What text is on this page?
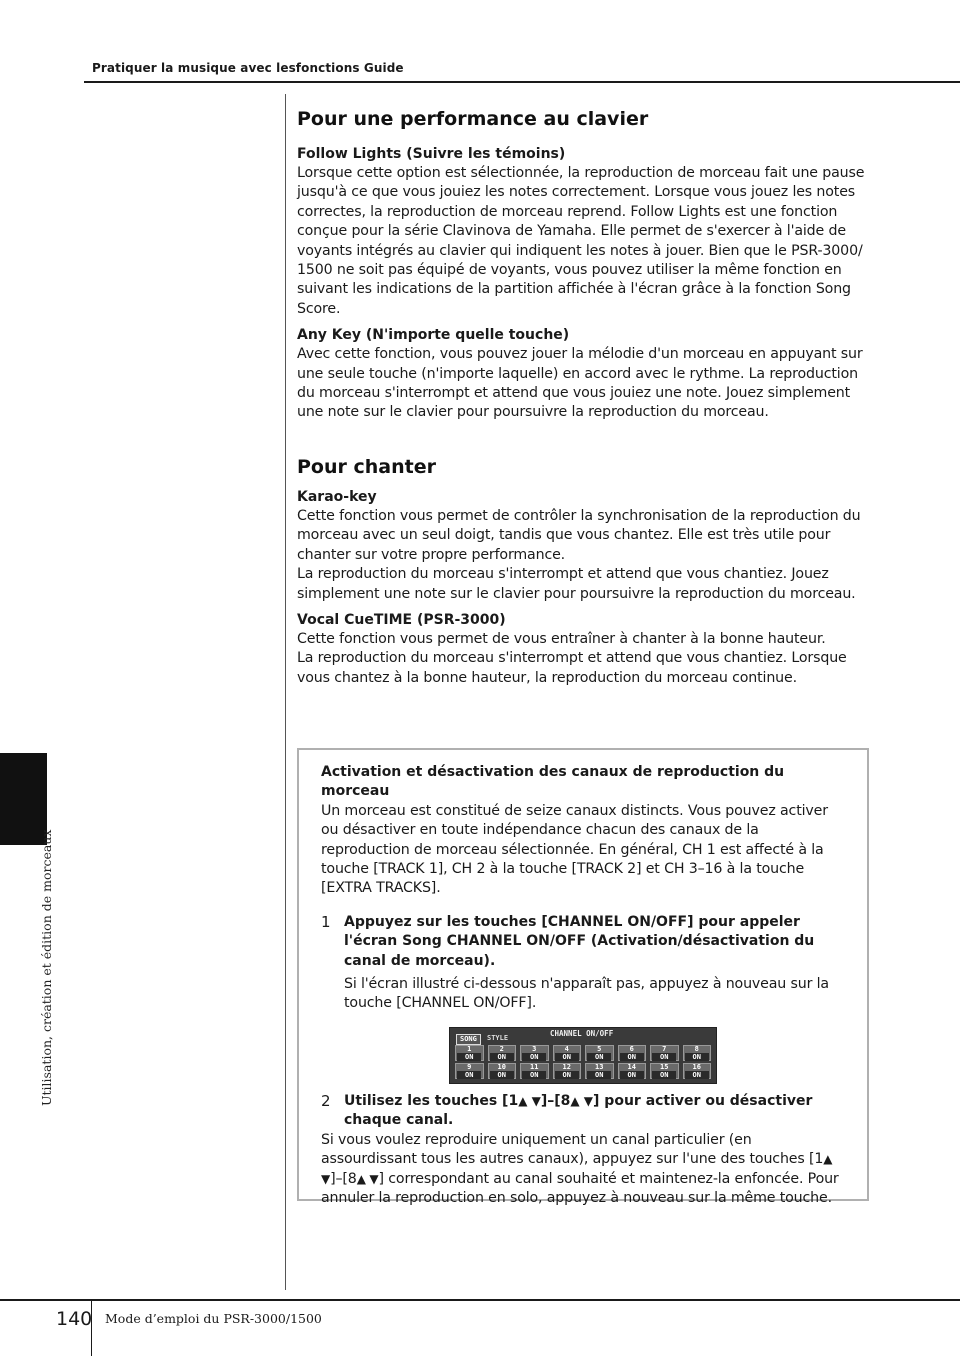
Pratiquer la musique avec lesfonctions Guide
Pour une performance au clavier
Follow Lights (Suivre les témoins)

Lorsque cette option est sélectionnée, la reproduction de morceau fait une pause jusqu'à ce que vous jouiez les notes correctement. Lorsque vous jouez les notes correctes, la reproduction de morceau reprend. Follow Lights est une fonction conçue pour la série Clavinova de Yamaha. Elle permet de s'exercer à l'aide de voyants intégrés au clavier qui indiquent les notes à jouer. Bien que le PSR-3000/ 1500 ne soit pas équipé de voyants, vous pouvez utiliser la même fonction en suivant les indications de la partition affichée à l'écran grâce à la fonction Song Score.

Any Key (N'importe quelle touche)

Avec cette fonction, vous pouvez jouer la mélodie d'un morceau en appuyant sur une seule touche (n'importe laquelle) en accord avec le rythme. La reproduction du morceau s'interrompt et attend que vous jouiez une note. Jouez simplement une note sur le clavier pour poursuivre la reproduction du morceau.

Pour chanter
Karao-key

Cette fonction vous permet de contrôler la synchronisation de la reproduction du morceau avec un seul doigt, tandis que vous chantez. Elle est très utile pour chanter sur votre propre performance.

La reproduction du morceau s'interrompt et attend que vous chantiez. Jouez simplement une note sur le clavier pour poursuivre la reproduction du morceau.

Vocal CueTIME (PSR-3000)

Cette fonction vous permet de vous entraîner à chanter à la bonne hauteur.

La reproduction du morceau s'interrompt et attend que vous chantiez. Lorsque vous chantez à la bonne hauteur, la reproduction du morceau continue.

Utilisation, création et édition de morceaux
Activation et désactivation des canaux de reproduction du morceau

Un morceau est constitué de seize canaux distincts. Vous pouvez activer ou désactiver en toute indépendance chacun des canaux de la reproduction de morceau sélectionnée. En général, CH 1 est affecté à la touche [TRACK 1], CH 2 à la touche [TRACK 2] et CH 3–16 à la touche [EXTRA TRACKS].

1 Appuyez sur les touches [CHANNEL ON/OFF] pour appeler l'écran Song CHANNEL ON/OFF (Activation/désactivation du canal de morceau).

Si l'écran illustré ci-dessous n'apparaît pas, appuyez à nouveau sur la touche [CHANNEL ON/OFF].

SONG	STYLE	CHANNEL ON/OFF
1
ON
2
ON
3
ON
4
ON
5
ON
6
ON
7
ON
8
ON
9
ON
10
ON
11
ON
12
ON
13
ON
14
ON
15
ON
16
ON
2 Utilisez les touches [1▲ ▼]–[8▲ ▼] pour activer ou désactiver chaque canal.

Si vous voulez reproduire uniquement un canal particulier (en assourdissant tous les autres canaux), appuyez sur l'une des touches [1▲ ▼]–[8▲ ▼] correspondant au canal souhaité et maintenez-la enfoncée. Pour annuler la reproduction en solo, appuyez à nouveau sur la même touche.

140 Mode d’emploi du PSR-3000/1500
